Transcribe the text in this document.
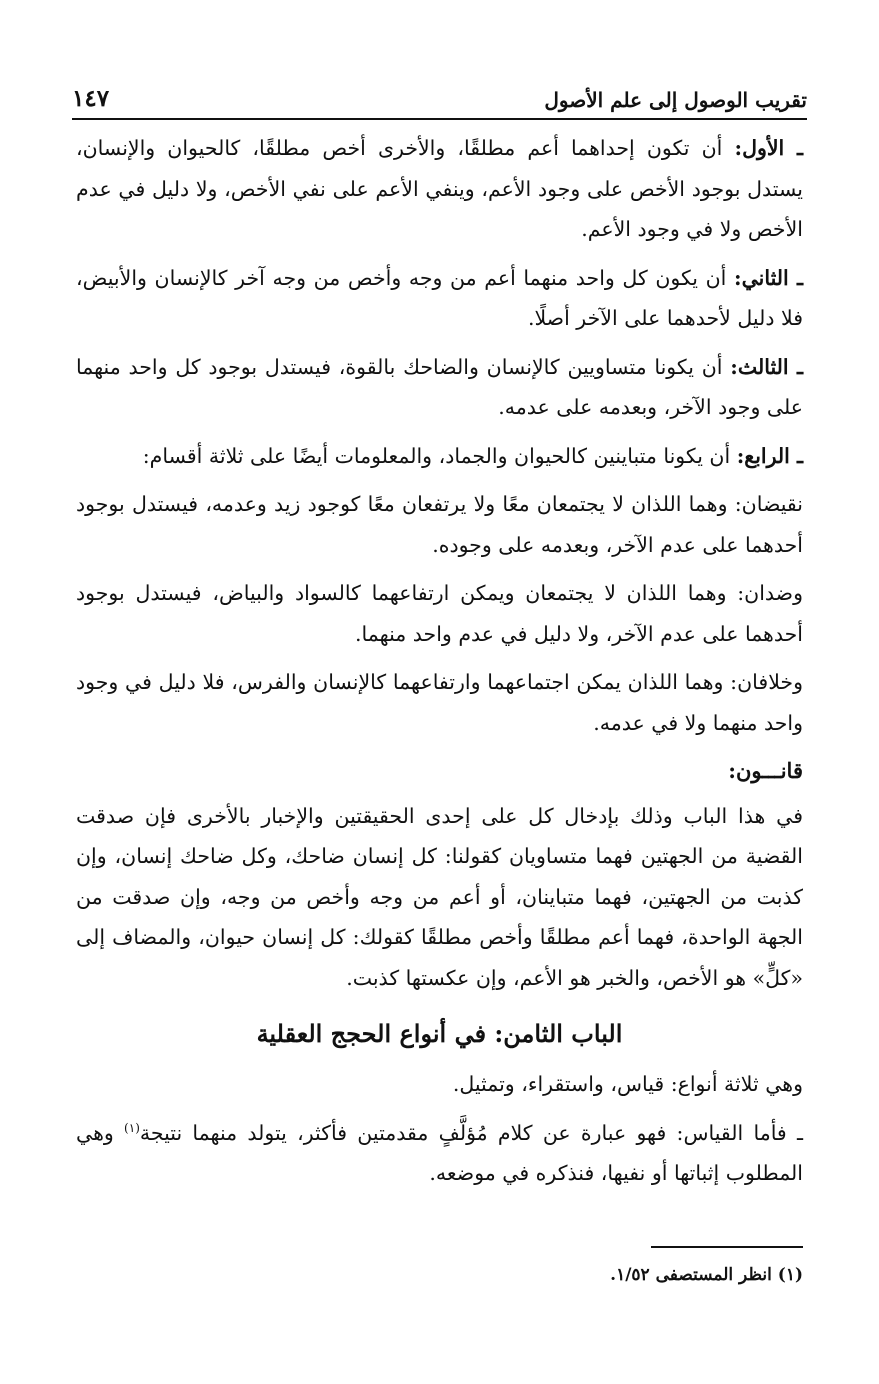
تقريب الوصول إلى علم الأصول
١٤٧

ـ الأول: أن تكون إحداهما أعم مطلقًا، والأخرى أخص مطلقًا، كالحيوان والإنسان، يستدل بوجود الأخص على وجود الأعم، وينفي الأعم على نفي الأخص، ولا دليل في عدم الأخص ولا في وجود الأعم.

ـ الثاني: أن يكون كل واحد منهما أعم من وجه وأخص من وجه آخر كالإنسان والأبيض، فلا دليل لأحدهما على الآخر أصلًا.

ـ الثالث: أن يكونا متساويين كالإنسان والضاحك بالقوة، فيستدل بوجود كل واحد منهما على وجود الآخر، وبعدمه على عدمه.

ـ الرابع: أن يكونا متباينين كالحيوان والجماد، والمعلومات أيضًا على ثلاثة أقسام:

نقيضان: وهما اللذان لا يجتمعان معًا ولا يرتفعان معًا كوجود زيد وعدمه، فيستدل بوجود أحدهما على عدم الآخر، وبعدمه على وجوده.

وضدان: وهما اللذان لا يجتمعان ويمكن ارتفاعهما كالسواد والبياض، فيستدل بوجود أحدهما على عدم الآخر، ولا دليل في عدم واحد منهما.

وخلافان: وهما اللذان يمكن اجتماعهما وارتفاعهما كالإنسان والفرس، فلا دليل في وجود واحد منهما ولا في عدمه.

قانـــون:

في هذا الباب وذلك بإدخال كل على إحدى الحقيقتين والإخبار بالأخرى فإن صدقت القضية من الجهتين فهما متساويان كقولنا: كل إنسان ضاحك، وكل ضاحك إنسان، وإن كذبت من الجهتين، فهما متباينان، أو أعم من وجه وأخص من وجه، وإن صدقت من الجهة الواحدة، فهما أعم مطلقًا وأخص مطلقًا كقولك: كل إنسان حيوان، والمضاف إلى «كلٍّ» هو الأخص، والخبر هو الأعم، وإن عكستها كذبت.

الباب الثامن: في أنواع الحجج العقلية

وهي ثلاثة أنواع: قياس، واستقراء، وتمثيل.

ـ فأما القياس: فهو عبارة عن كلام مُؤلَّفٍ مقدمتين فأكثر، يتولد منهما نتيجة$^{(١)}$ وهي المطلوب إثباتها أو نفيها، فنذكره في موضعه.

(١) انظر المستصفى ١/٥٢.
